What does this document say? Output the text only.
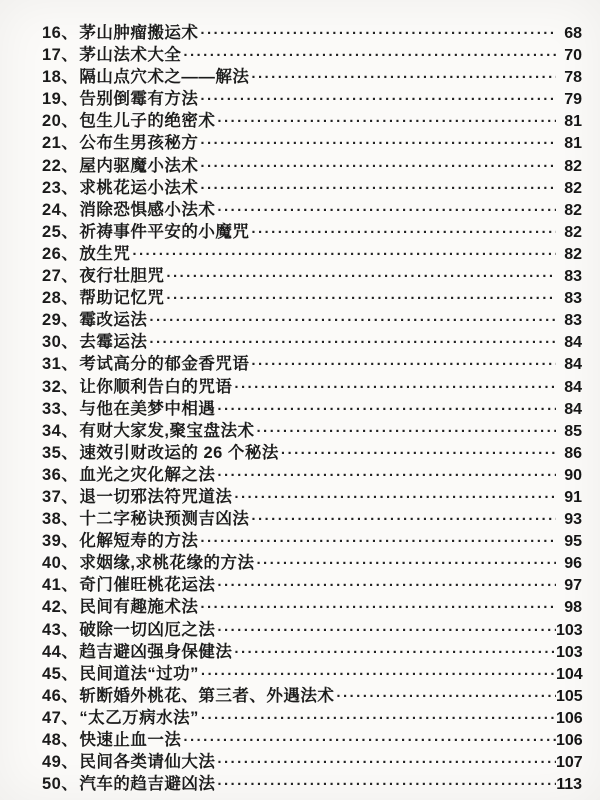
16、茅山肿瘤搬运术 ·····	68
17、茅山法术大全 ·····	70
18、隔山点穴术之——解法 ·····	78
19、告别倒霉有方法 ·····	79
20、包生儿子的绝密术 ·····	81
21、公布生男孩秘方 ·····	81
22、屋内驱魔小法术 ·····	82
23、求桃花运小法术 ·····	82
24、消除恐惧感小法术 ·····	82
25、祈祷事件平安的小魔咒 ·····	82
26、放生咒 ·····	82
27、夜行壮胆咒 ·····	83
28、帮助记忆咒 ·····	83
29、霉改运法 ·····	83
30、去霉运法 ·····	84
31、考试高分的郁金香咒语 ·····	84
32、让你顺利告白的咒语 ·····	84
33、与他在美梦中相遇 ·····	84
34、有财大家发,聚宝盘法术 ·····	85
35、速效引财改运的 26 个秘法 ·····	86
36、血光之灾化解之法 ·····	90
37、退一切邪法符咒道法 ·····	91
38、十二字秘诀预测吉凶法 ·····	93
39、化解短寿的方法 ·····	95
40、求姻缘,求桃花缘的方法 ·····	96
41、奇门催旺桃花运法 ·····	97
42、民间有趣施术法 ·····	98
43、破除一切凶厄之法 ·····	103
44、趋吉避凶强身保健法 ·····	103
45、民间道法“过功” ·····	104
46、斩断婚外桃花、第三者、外遇法术 ·····	105
47、“太乙万病水法” ·····	106
48、快速止血一法 ·····	106
49、民间各类请仙大法 ·····	107
50、汽车的趋吉避凶法 ·····	113
